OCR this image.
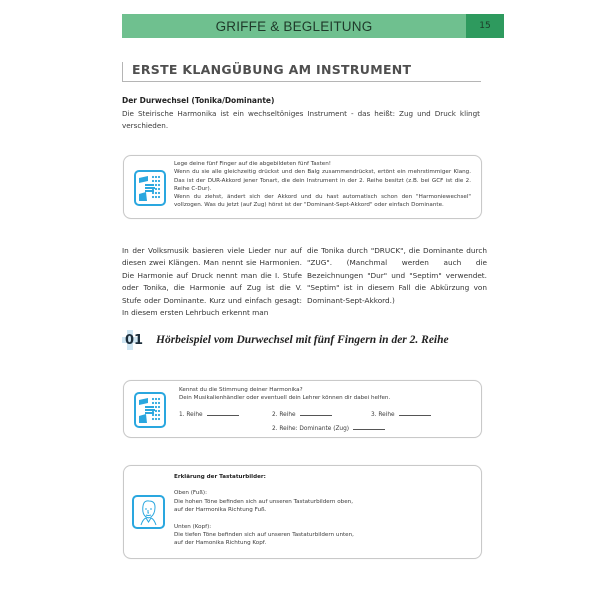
GRIFFE & BEGLEITUNG	15
ERSTE KLANGÜBUNG AM INSTRUMENT
Der Durwechsel (Tonika/Dominante)
Die Steirische Harmonika ist ein wechseltöniges Instrument - das heißt: Zug und Druck klingt verschieden.
Lege deine fünf Finger auf die abgebildeten fünf Tasten!
Wenn du sie alle gleichzeitig drückst und den Balg zusammendrückst, ertönt ein mehrstimmiger Klang. Das ist der DUR-Akkord jener Tonart, die dein Instrument in der 2. Reihe besitzt (z.B. bei GCF ist die 2. Reihe C-Dur).
Wenn du ziehst, ändert sich der Akkord und du hast automatisch schon den "Harmoniewechsel" vollzogen. Was du jetzt (auf Zug) hörst ist der "Dominant-Sept-Akkord" oder einfach Dominante.
In der Volksmusik basieren viele Lieder nur auf diesen zwei Klängen. Man nennt sie Harmonien. Die Harmonie auf Druck nennt man die I. Stufe oder Tonika, die Harmonie auf Zug ist die V. Stufe oder Dominante. Kurz und einfach gesagt: In diesem ersten Lehrbuch erkennt man
die Tonika durch "DRUCK", die Dominante durch "ZUG". (Manchmal werden auch die Bezeichnungen "Dur" und "Septim" verwendet. "Septim" ist in diesem Fall die Abkürzung von Dominant-Sept-Akkord.)
01 Hörbeispiel vom Durwechsel mit fünf Fingern in der 2. Reihe
Kennst du die Stimmung deiner Harmonika?
Dein Musikalienhändler oder eventuell dein Lehrer können dir dabei helfen.
1. Reihe	2. Reihe	3. Reihe
2. Reihe: Dominante (Zug)
Erklärung der Tastaturbilder:
Oben (Fuß):
Die hohen Töne befinden sich auf unseren Tastaturbildern oben,
auf der Harmonika Richtung Fuß.
Unten (Kopf):
Die tiefen Töne befinden sich auf unseren Tastaturbildern unten,
auf der Hamonika Richtung Kopf.
